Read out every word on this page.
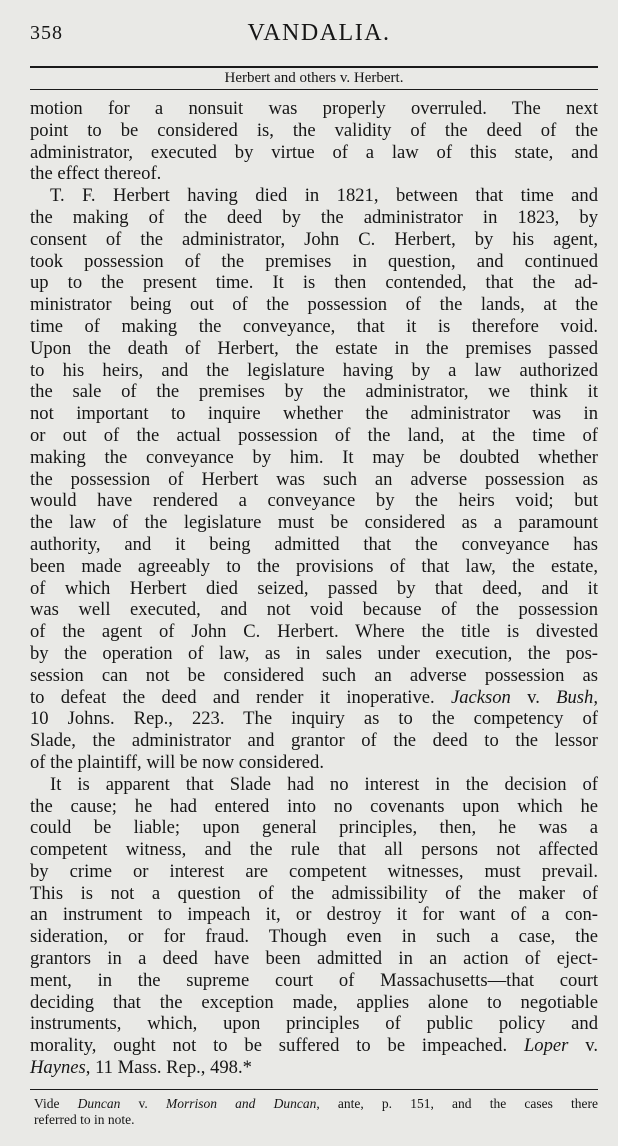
358	VANDALIA.
Herbert and others v. Herbert.
motion for a nonsuit was properly overruled. The next
point to be considered is, the validity of the deed of the
administrator, executed by virtue of a law of this state, and
the effect thereof.
T. F. Herbert having died in 1821, between that time and
the making of the deed by the administrator in 1823, by
consent of the administrator, John C. Herbert, by his agent,
took possession of the premises in question, and continued
up to the present time. It is then contended, that the ad-
ministrator being out of the possession of the lands, at the
time of making the conveyance, that it is therefore void.
Upon the death of Herbert, the estate in the premises passed
to his heirs, and the legislature having by a law authorized
the sale of the premises by the administrator, we think it
not important to inquire whether the administrator was in
or out of the actual possession of the land, at the time of
making the conveyance by him. It may be doubted whether
the possession of Herbert was such an adverse possession as
would have rendered a conveyance by the heirs void; but
the law of the legislature must be considered as a paramount
authority, and it being admitted that the conveyance has
been made agreeably to the provisions of that law, the estate,
of which Herbert died seized, passed by that deed, and it
was well executed, and not void because of the possession
of the agent of John C. Herbert. Where the title is divested
by the operation of law, as in sales under execution, the pos-
session can not be considered such an adverse possession as
to defeat the deed and render it inoperative. Jackson v. Bush,
10 Johns. Rep., 223. The inquiry as to the competency of
Slade, the administrator and grantor of the deed to the lessor
of the plaintiff, will be now considered.
It is apparent that Slade had no interest in the decision of
the cause; he had entered into no covenants upon which he
could be liable; upon general principles, then, he was a
competent witness, and the rule that all persons not affected
by crime or interest are competent witnesses, must prevail.
This is not a question of the admissibility of the maker of
an instrument to impeach it, or destroy it for want of a con-
sideration, or for fraud. Though even in such a case, the
grantors in a deed have been admitted in an action of eject-
ment, in the supreme court of Massachusetts—that court
deciding that the exception made, applies alone to negotiable
instruments, which, upon principles of public policy and
morality, ought not to be suffered to be impeached. Loper v.
Haynes, 11 Mass. Rep., 498.*
Vide Duncan v. Morrison and Duncan, ante, p. 151, and the cases there
referred to in note.
